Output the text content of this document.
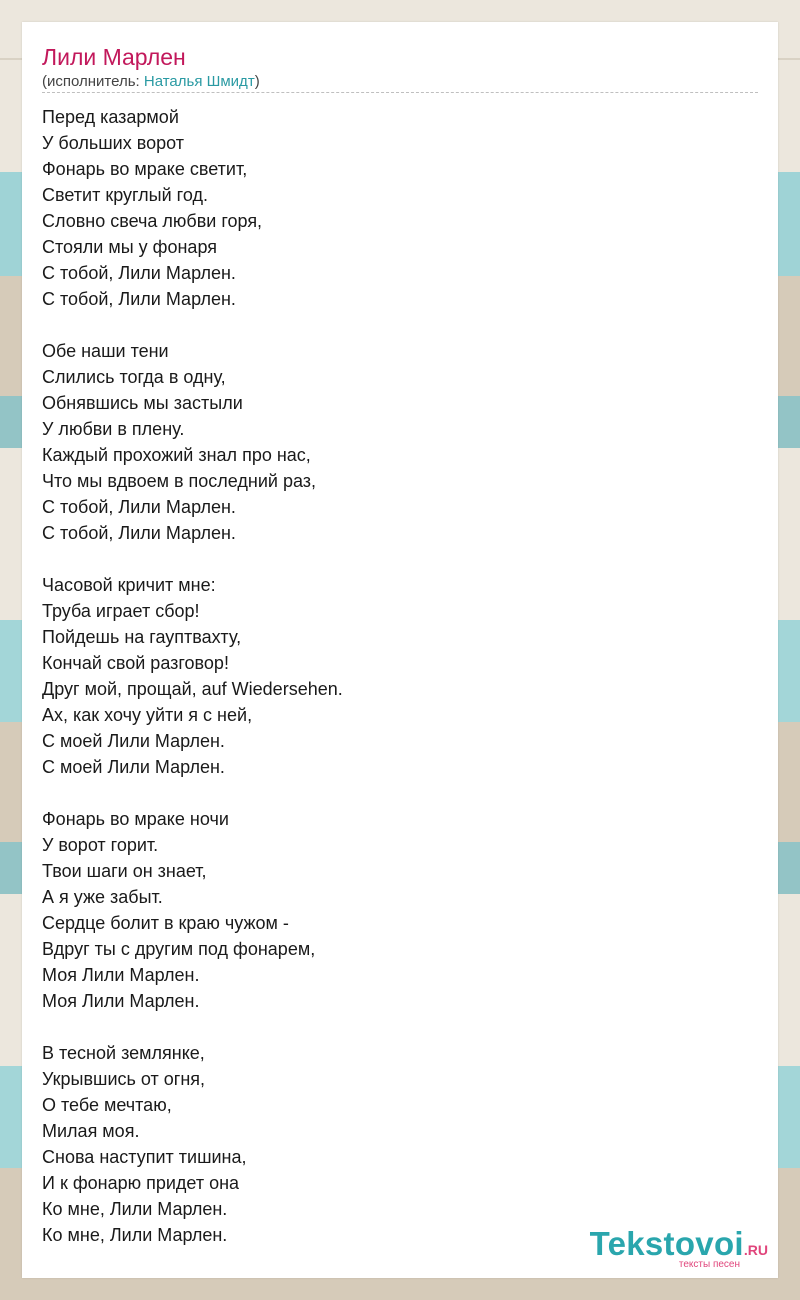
Лили Марлен
(исполнитель: Наталья Шмидт)
Перед казармой
У больших ворот
Фонарь во мраке светит,
Светит круглый год.
Словно свеча любви горя,
Стояли мы у фонаря
С тобой, Лили Марлен.
С тобой, Лили Марлен.
Обе наши тени
Слились тогда в одну,
Обнявшись мы застыли
У любви в плену.
Каждый прохожий знал про нас,
Что мы вдвоем в последний раз,
С тобой, Лили Марлен.
С тобой, Лили Марлен.
Часовой кричит мне:
Труба играет сбор!
Пойдешь на гауптвахту,
Кончай свой разговор!
Друг мой, прощай, auf Wiedersehen.
Ах, как хочу уйти я с ней,
С моей Лили Марлен.
С моей Лили Марлен.
Фонарь во мраке ночи
У ворот горит.
Твои шаги он знает,
А я уже забыт.
Сердце болит в краю чужом -
Вдруг ты с другим под фонарем,
Моя Лили Марлен.
Моя Лили Марлен.
В тесной землянке,
Укрывшись от огня,
О тебе мечтаю,
Милая моя.
Снова наступит тишина,
И к фонарю придет она
Ко мне, Лили Марлен.
Ко мне, Лили Марлен.	Tekstovoi.RU
тексты песен
